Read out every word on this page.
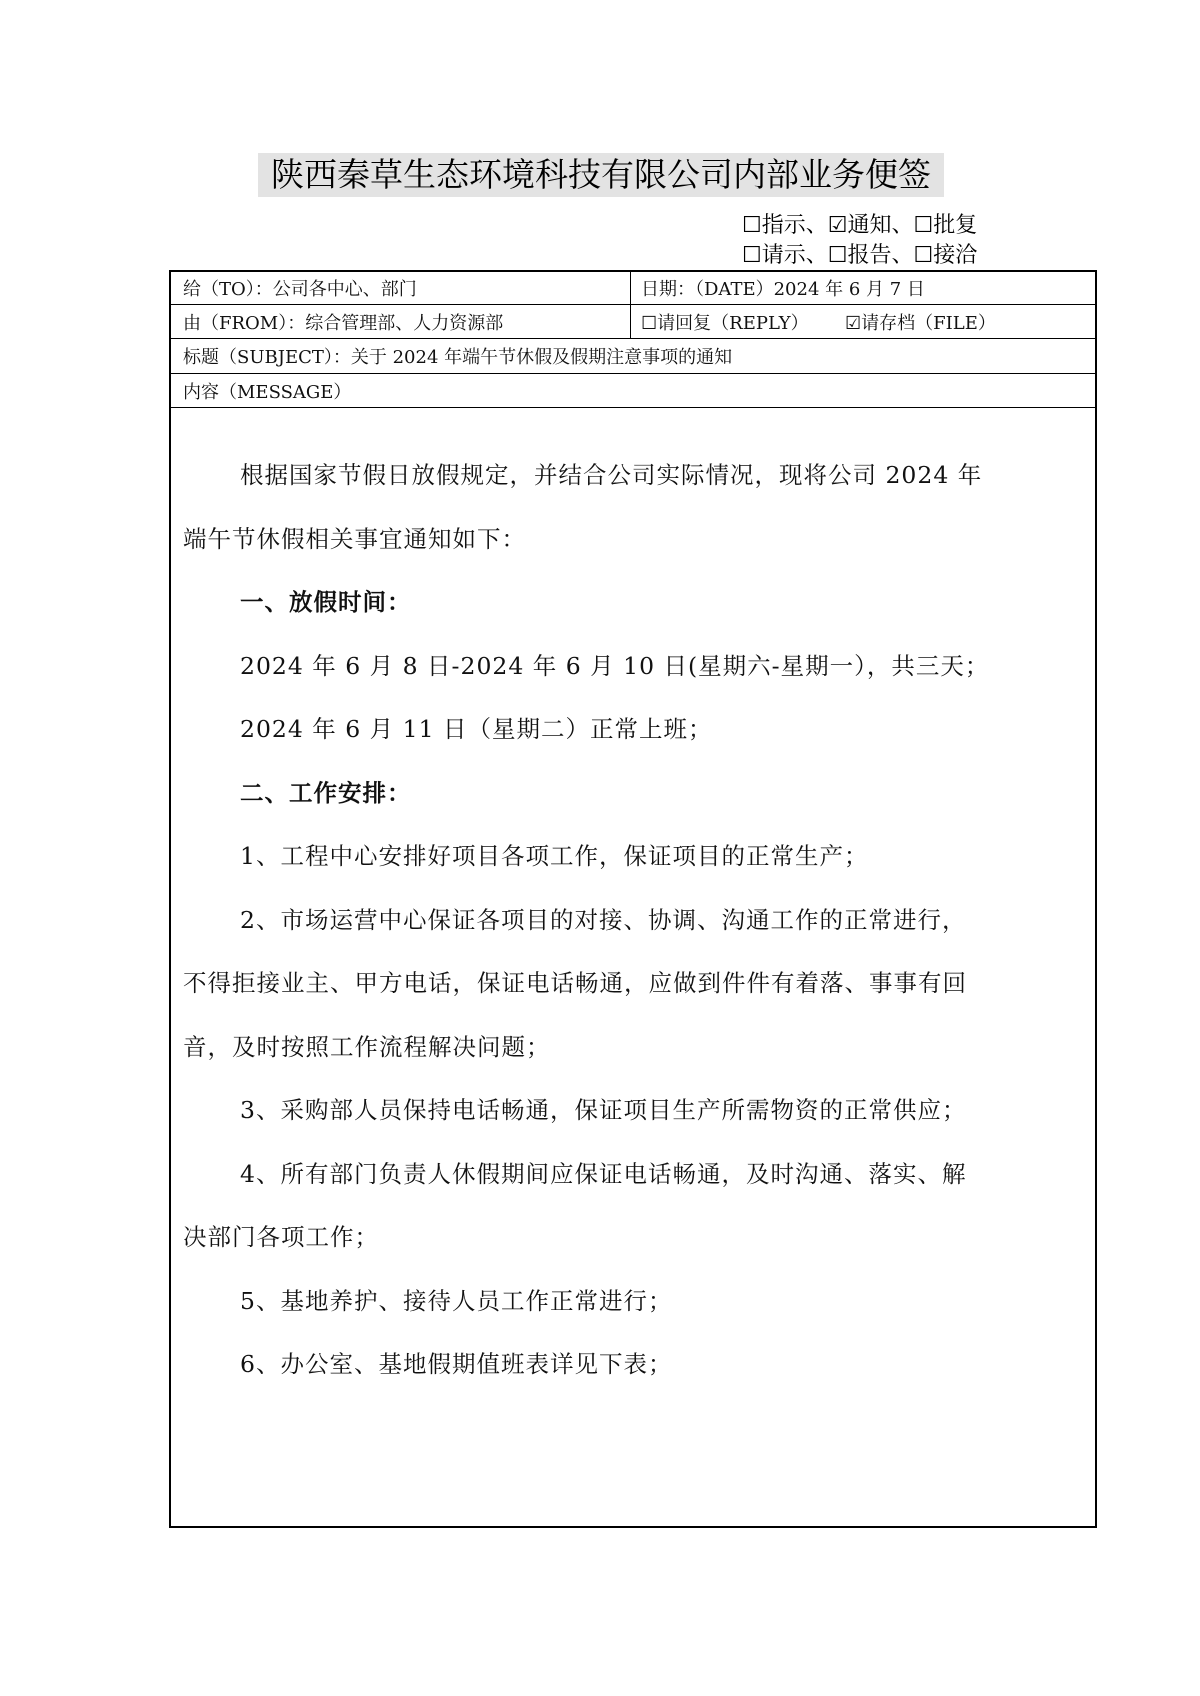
陕西秦草生态环境科技有限公司内部业务便签
☐指示、☑通知、☐批复
☐请示、☐报告、☐接洽
给（TO）：公司各中心、部门	日期：（DATE）2024 年 6 月 7 日
由（FROM）：综合管理部、人力资源部	☐请回复（REPLY） ☑请存档（FILE）
标题（SUBJECT）：关于 2024 年端午节休假及假期注意事项的通知
内容（MESSAGE）

根据国家节假日放假规定，并结合公司实际情况，现将公司 2024 年

端午节休假相关事宜通知如下：

一、放假时间：

2024 年 6 月 8 日-2024 年 6 月 10 日(星期六-星期一），共三天；

2024 年 6 月 11 日（星期二）正常上班；

二、工作安排：

1、工程中心安排好项目各项工作，保证项目的正常生产；

2、市场运营中心保证各项目的对接、协调、沟通工作的正常进行，

不得拒接业主、甲方电话，保证电话畅通，应做到件件有着落、事事有回

音，及时按照工作流程解决问题；

3、采购部人员保持电话畅通，保证项目生产所需物资的正常供应；

4、所有部门负责人休假期间应保证电话畅通，及时沟通、落实、解

决部门各项工作；

5、基地养护、接待人员工作正常进行；

6、办公室、基地假期值班表详见下表；
